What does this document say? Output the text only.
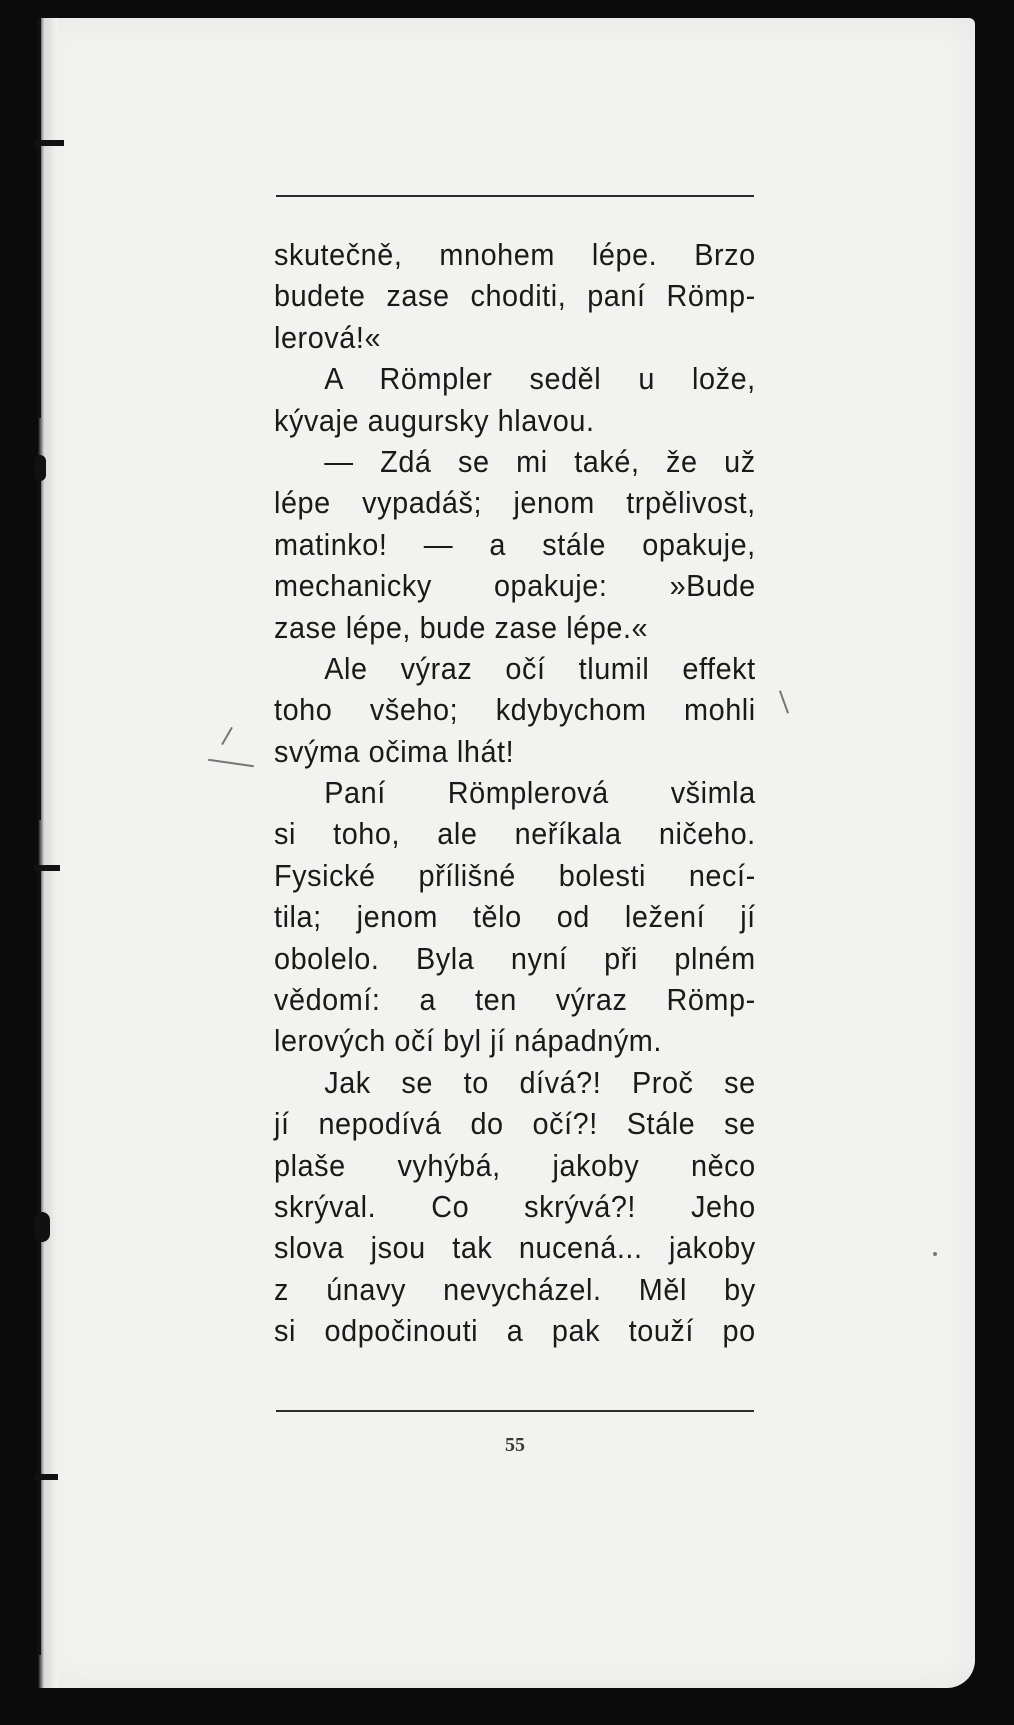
skutečně, mnohem lépe. Brzo
budete zase choditi, paní Römp-
lerová!«
A Römpler seděl u lože,
kývaje augursky hlavou.
— Zdá se mi také, že už
lépe vypadáš; jenom trpělivost,
matinko! — a stále opakuje,
mechanicky opakuje: »Bude
zase lépe, bude zase lépe.«
Ale výraz očí tlumil effekt
toho všeho; kdybychom mohli
svýma očima lhát!
Paní Römplerová všimla
si toho, ale neříkala ničeho.
Fysické přílišné bolesti necí-
tila; jenom tělo od ležení jí
obolelo. Byla nyní při plném
vědomí: a ten výraz Römp-
lerových očí byl jí nápadným.
Jak se to dívá?! Proč se
jí nepodívá do očí?! Stále se
plaše vyhýbá, jakoby něco
skrýval. Co skrývá?! Jeho
slova jsou tak nucená... jakoby
z únavy nevycházel. Měl by
si odpočinouti a pak touží po
55
